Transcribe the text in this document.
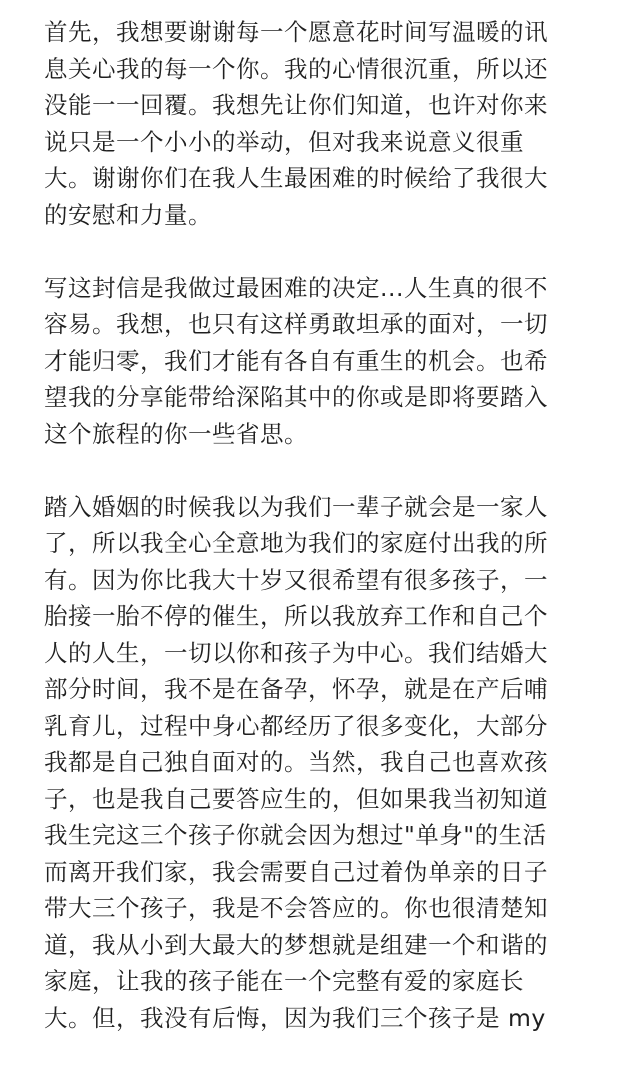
首先，我想要谢谢每一个愿意花时间写温暖的讯
息关心我的每一个你。我的心情很沉重，所以还
没能一一回覆。我想先让你们知道，也许对你来
说只是一个小小的举动，但对我来说意义很重
大。谢谢你们在我人生最困难的时候给了我很大
的安慰和力量。
写这封信是我做过最困难的决定...人生真的很不
容易。我想，也只有这样勇敢坦承的面对，一切
才能归零，我们才能有各自有重生的机会。也希
望我的分享能带给深陷其中的你或是即将要踏入
这个旅程的你一些省思。
踏入婚姻的时候我以为我们一辈子就会是一家人
了，所以我全心全意地为我们的家庭付出我的所
有。因为你比我大十岁又很希望有很多孩子，一
胎接一胎不停的催生，所以我放弃工作和自己个
人的人生，一切以你和孩子为中心。我们结婚大
部分时间，我不是在备孕，怀孕，就是在产后哺
乳育儿，过程中身心都经历了很多变化，大部分
我都是自己独自面对的。当然，我自己也喜欢孩
子，也是我自己要答应生的，但如果我当初知道
我生完这三个孩子你就会因为想过"单身"的生活
而离开我们家，我会需要自己过着伪单亲的日子
带大三个孩子，我是不会答应的。你也很清楚知
道，我从小到大最大的梦想就是组建一个和谐的
家庭，让我的孩子能在一个完整有爱的家庭长
大。但，我没有后悔，因为我们三个孩子是 my
